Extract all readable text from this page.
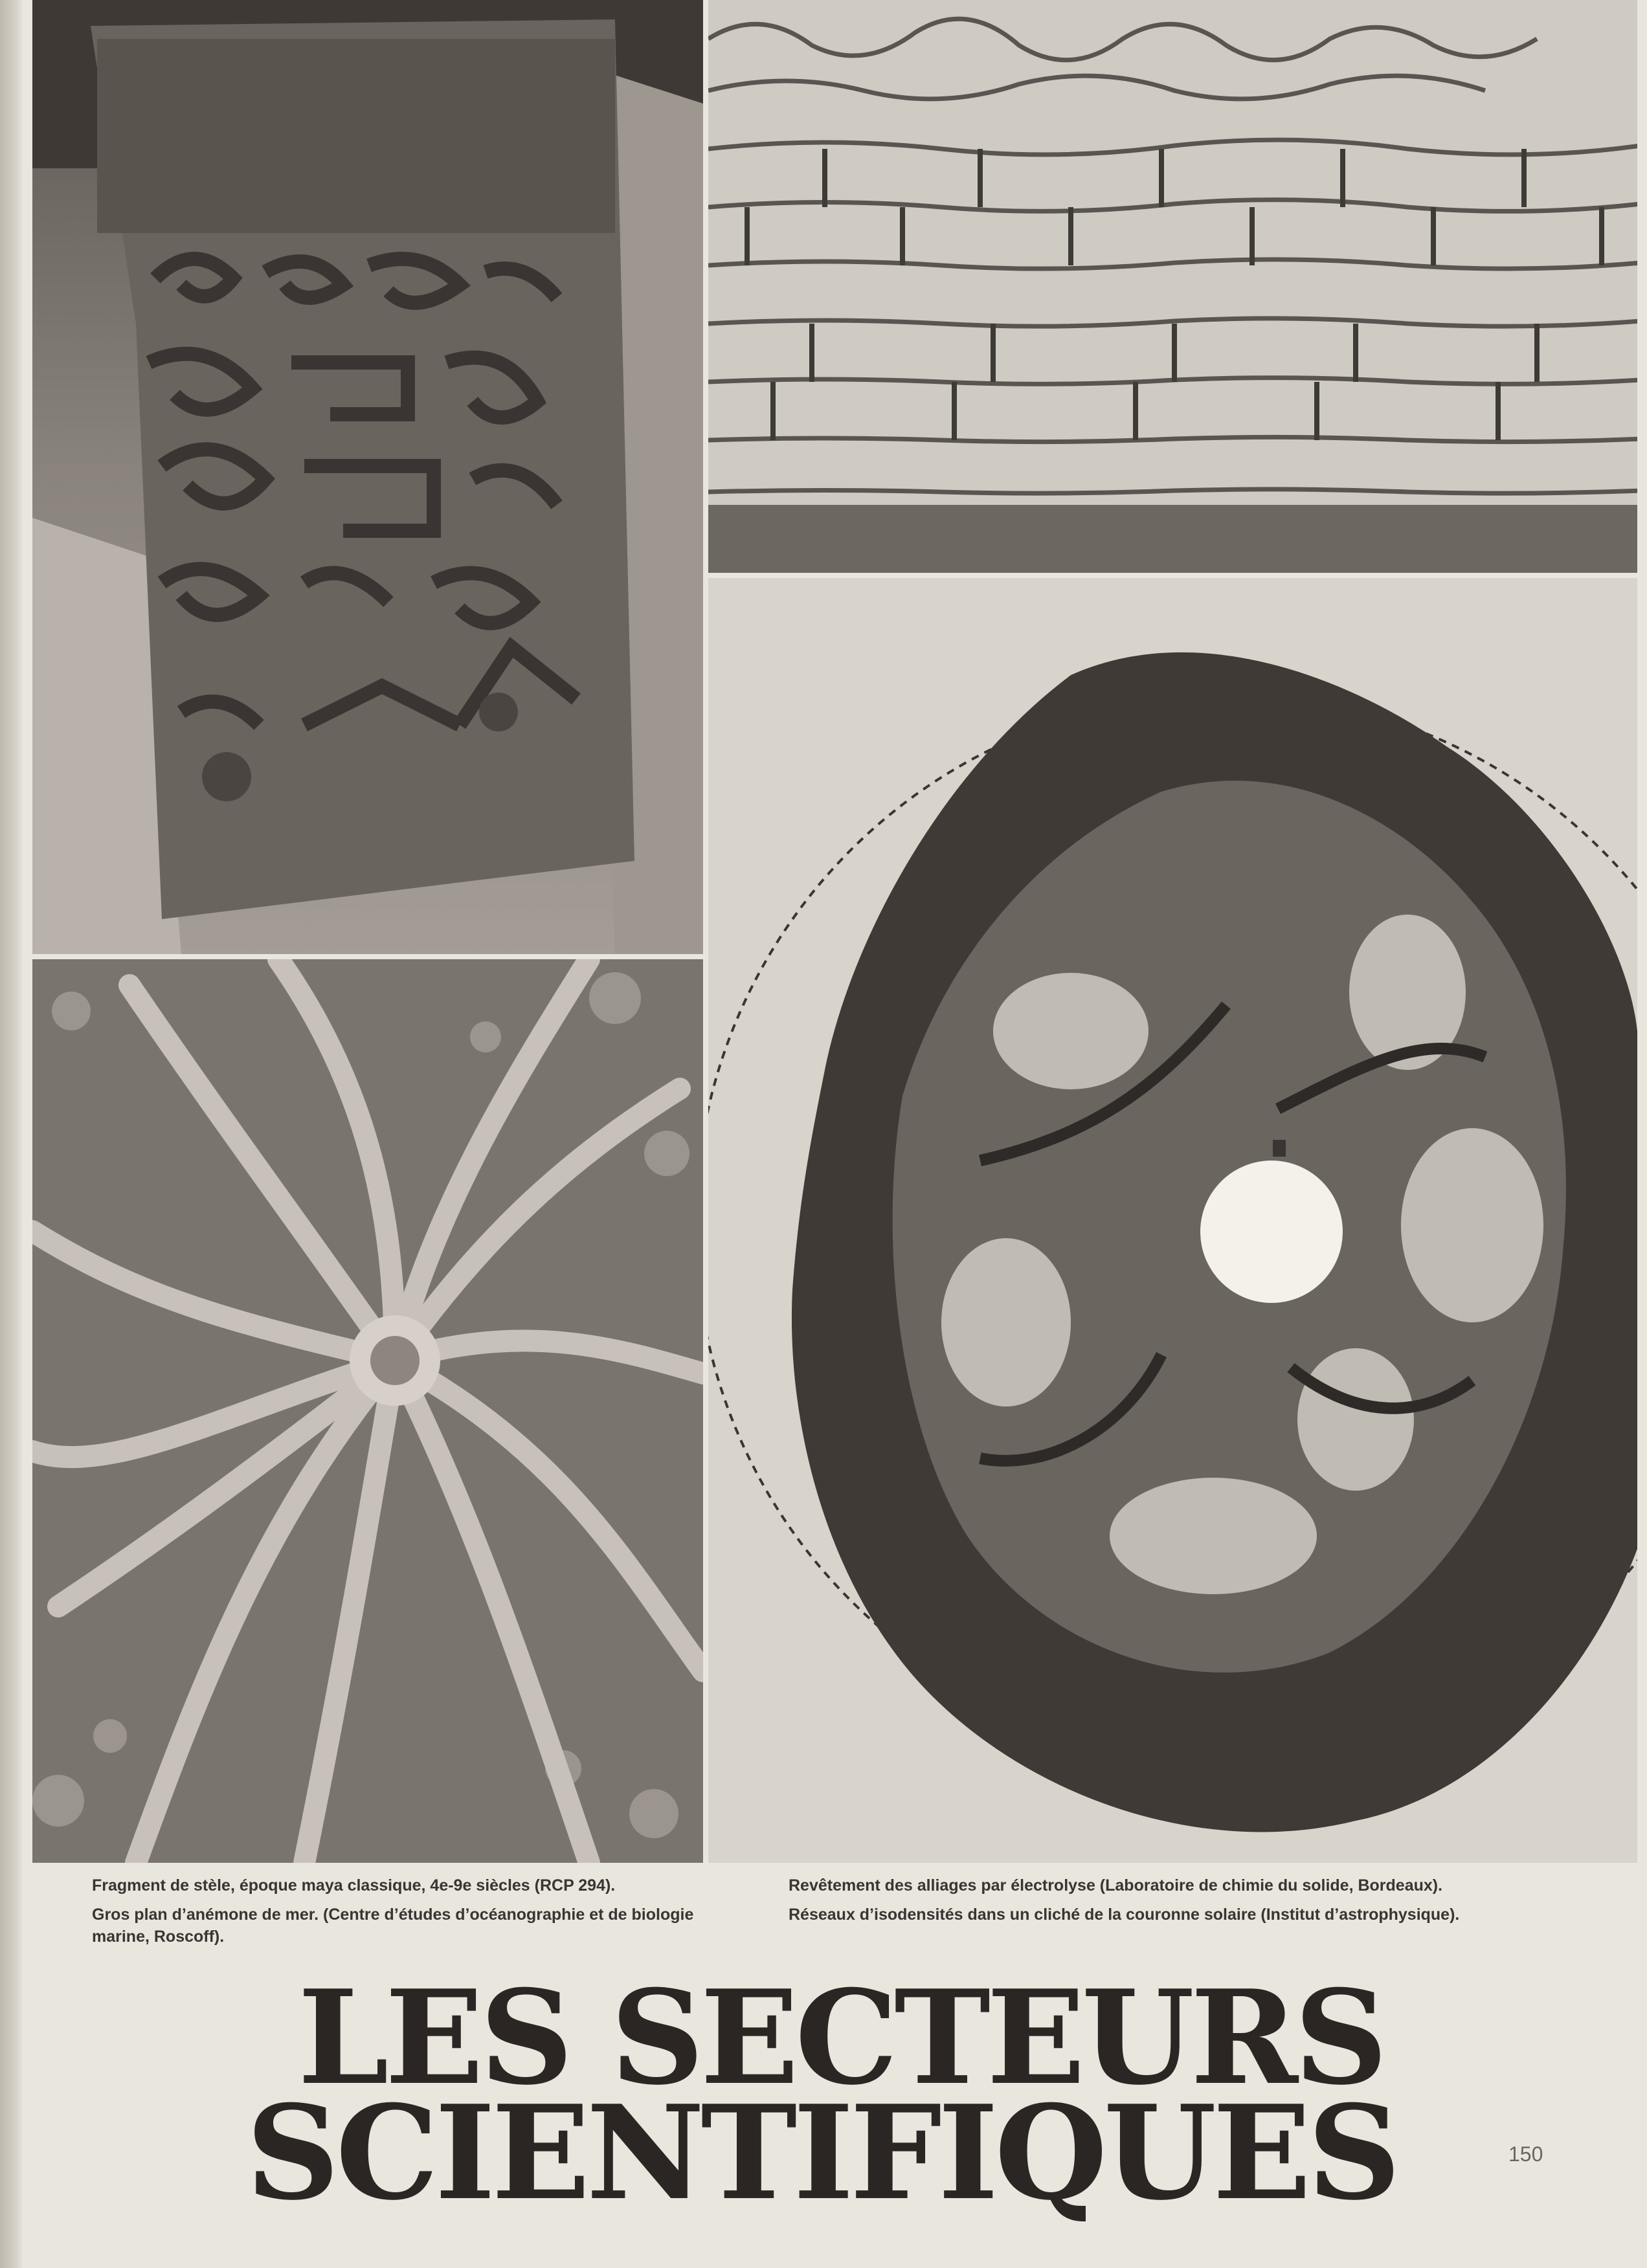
Fragment de stèle, époque maya classique, 4e-9e siècles (RCP 294).
Gros plan d’anémone de mer. (Centre d’études d’océanographie et de biologie marine, Roscoff).
Revêtement des alliages par électrolyse (Laboratoire de chimie du solide, Bordeaux).
Réseaux d’isodensités dans un cliché de la couronne solaire (Institut d’astrophysique).
LES SECTEURS
SCIENTIFIQUES	150
